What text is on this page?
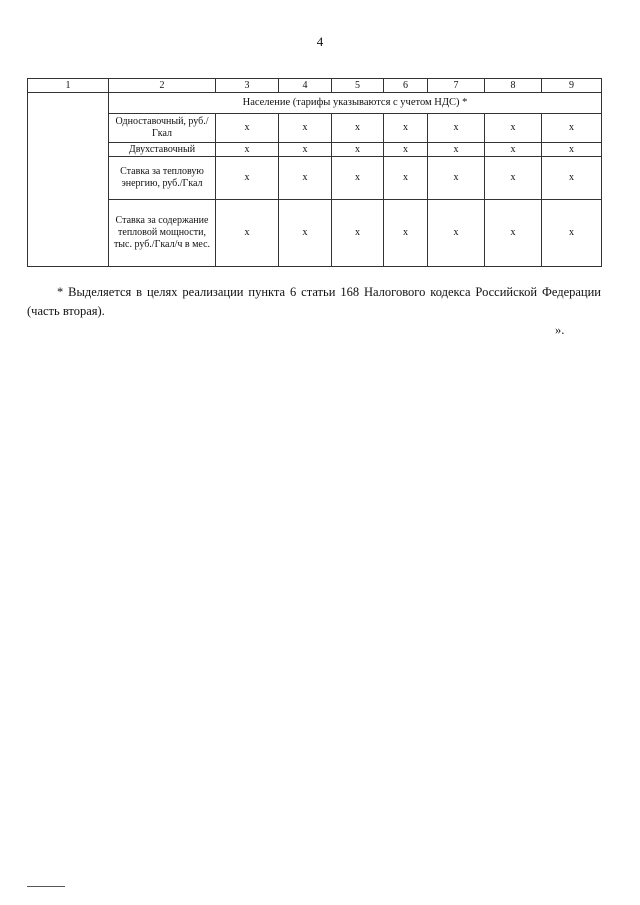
4
1	2	3	4	5	6	7	8	9
	Население (тарифы указываются с учетом НДС) *							
	Одноставочный, руб./Гкал	х	х	х	х	х	х	х
	Двухставочный	х	х	х	х	х	х	х
	Ставка за тепловую энергию, руб./Гкал	х	х	х	х	х	х	х
	Ставка за содержание тепловой мощности, тыс. руб./Гкал/ч в мес.	х	х	х	х	х	х	х

* Выделяется в целях реализации пункта 6 статьи 168 Налогового кодекса Российской Федерации (часть вторая).

».
